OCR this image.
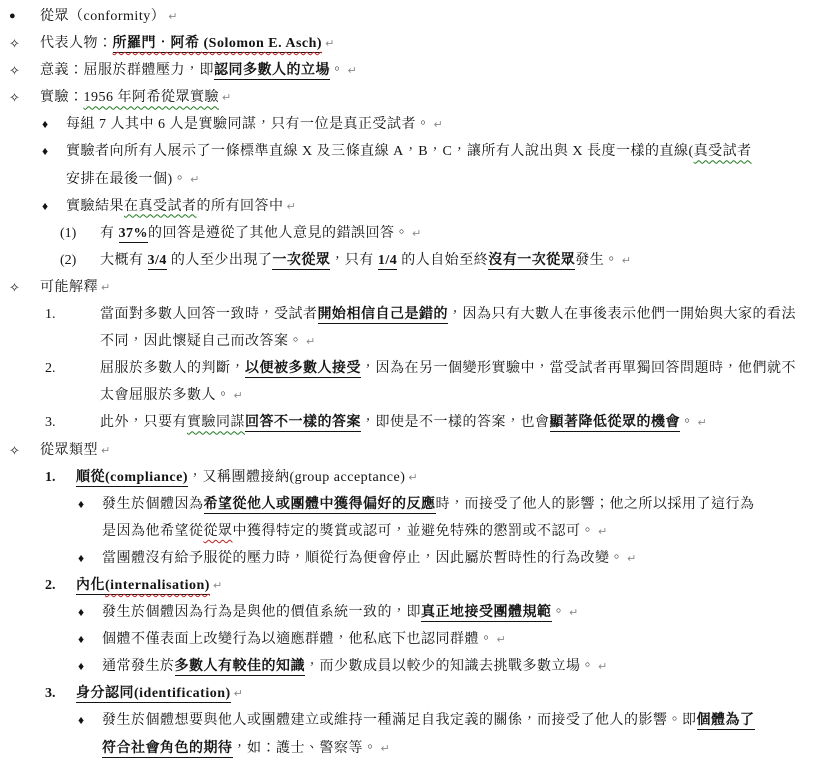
● 從眾（conformity） ↵
✧ 代表人物：所羅門‧阿希 (Solomon E. Asch) ↵
✧ 意義：屈服於群體壓力，即認同多數人的立場。 ↵
✧ 實驗：1956 年阿希從眾實驗 ↵
♦ 每組 7 人其中 6 人是實驗同謀，只有一位是真正受試者。 ↵
♦ 實驗者向所有人展示了一條標準直線 X 及三條直線 A，B，C，讓所有人說出與 X 長度一樣的直線(真受試者
安排在最後一個)。 ↵
♦ 實驗結果在真受試者的所有回答中 ↵
(1) 有 37%的回答是遵從了其他人意見的錯誤回答。 ↵
(2) 大概有 3/4 的人至少出現了一次從眾，只有 1/4 的人自始至終沒有一次從眾發生。 ↵
✧ 可能解釋 ↵
1.	當面對多數人回答一致時，受試者開始相信自己是錯的，因為只有大數人在事後表示他們一開始與大家的看法
不同，因此懷疑自己而改答案。 ↵
2.	屈服於多數人的判斷，以便被多數人接受，因為在另一個變形實驗中，當受試者再單獨回答問題時，他們就不
太會屈服於多數人。 ↵
3.	此外，只要有實驗同謀回答不一樣的答案，即使是不一樣的答案，也會顯著降低從眾的機會。 ↵
✧ 從眾類型 ↵
1. 順從(compliance)，又稱團體接納(group acceptance) ↵
♦ 發生於個體因為希望從他人或團體中獲得偏好的反應時，而接受了他人的影響；他之所以採用了這行為
是因為他希望從從眾中獲得特定的獎賞或認可，並避免特殊的懲罰或不認可。 ↵
♦ 當團體沒有給予服從的壓力時，順從行為便會停止，因此屬於暫時性的行為改變。 ↵
2. 內化(internalisation) ↵
♦ 發生於個體因為行為是與他的價值系統一致的，即真正地接受團體規範。 ↵
♦ 個體不僅表面上改變行為以適應群體，他私底下也認同群體。 ↵
♦ 通常發生於多數人有較佳的知識，而少數成員以較少的知識去挑戰多數立場。 ↵
3. 身分認同(identification) ↵
♦ 發生於個體想要與他人或團體建立或維持一種滿足自我定義的關係，而接受了他人的影響。即個體為了
符合社會角色的期待，如：護士、警察等。 ↵
